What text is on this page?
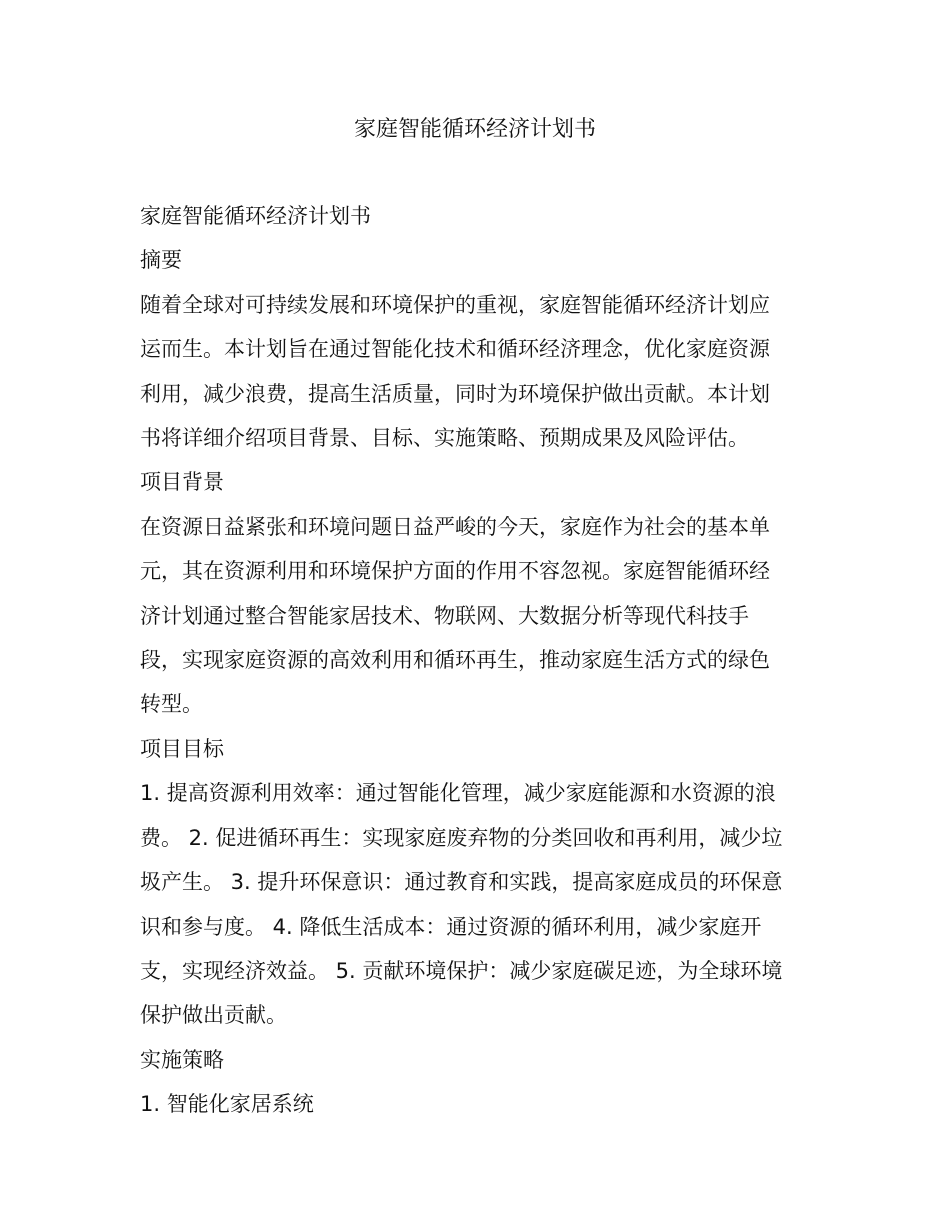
家庭智能循环经济计划书

家庭智能循环经济计划书

摘要

随着全球对可持续发展和环境保护的重视，家庭智能循环经济计划应

运而生。本计划旨在通过智能化技术和循环经济理念，优化家庭资源

利用，减少浪费，提高生活质量，同时为环境保护做出贡献。本计划

书将详细介绍项目背景、目标、实施策略、预期成果及风险评估。

项目背景

在资源日益紧张和环境问题日益严峻的今天，家庭作为社会的基本单

元，其在资源利用和环境保护方面的作用不容忽视。家庭智能循环经

济计划通过整合智能家居技术、物联网、大数据分析等现代科技手

段，实现家庭资源的高效利用和循环再生，推动家庭生活方式的绿色

转型。

项目目标

1. 提高资源利用效率：通过智能化管理，减少家庭能源和水资源的浪

费。 2. 促进循环再生：实现家庭废弃物的分类回收和再利用，减少垃

圾产生。 3. 提升环保意识：通过教育和实践，提高家庭成员的环保意

识和参与度。 4. 降低生活成本：通过资源的循环利用，减少家庭开

支，实现经济效益。 5. 贡献环境保护：减少家庭碳足迹，为全球环境

保护做出贡献。

实施策略

1. 智能化家居系统
